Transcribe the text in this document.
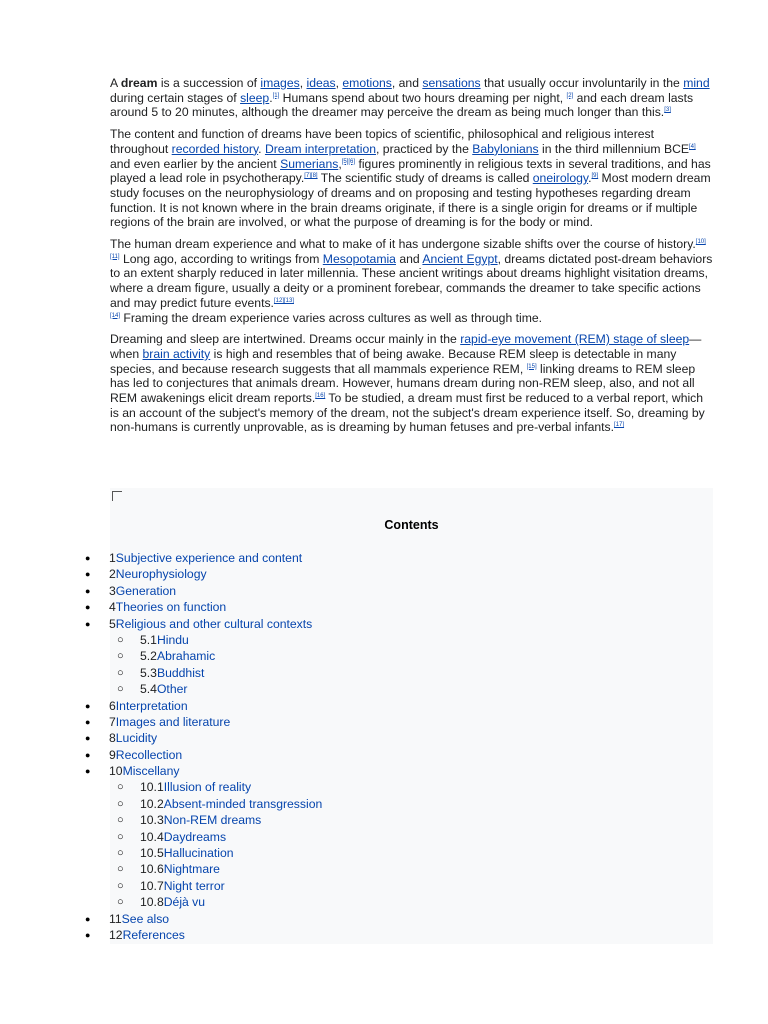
A dream is a succession of images, ideas, emotions, and sensations that usually occur involuntarily in the mind during certain stages of sleep.[1] Humans spend about two hours dreaming per night, [2] and each dream lasts around 5 to 20 minutes, although the dreamer may perceive the dream as being much longer than this.[3]

The content and function of dreams have been topics of scientific, philosophical and religious interest throughout recorded history. Dream interpretation, practiced by the Babylonians in the third millennium BCE[4] and even earlier by the ancient Sumerians,[5][6] figures prominently in religious texts in several traditions, and has played a lead role in psychotherapy.[7][8] The scientific study of dreams is called oneirology.[9] Most modern dream study focuses on the neurophysiology of dreams and on proposing and testing hypotheses regarding dream function. It is not known where in the brain dreams originate, if there is a single origin for dreams or if multiple regions of the brain are involved, or what the purpose of dreaming is for the body or mind.

The human dream experience and what to make of it has undergone sizable shifts over the course of history.[10][11] Long ago, according to writings from Mesopotamia and Ancient Egypt, dreams dictated post-dream behaviors to an extent sharply reduced in later millennia. These ancient writings about dreams highlight visitation dreams, where a dream figure, usually a deity or a prominent forebear, commands the dreamer to take specific actions and may predict future events.[12][13]
[14] Framing the dream experience varies across cultures as well as through time.

Dreaming and sleep are intertwined. Dreams occur mainly in the rapid-eye movement (REM) stage of sleep—when brain activity is high and resembles that of being awake. Because REM sleep is detectable in many species, and because research suggests that all mammals experience REM, [15] linking dreams to REM sleep has led to conjectures that animals dream. However, humans dream during non-REM sleep, also, and not all REM awakenings elicit dream reports.[16] To be studied, a dream must first be reduced to a verbal report, which is an account of the subject's memory of the dream, not the subject's dream experience itself. So, dreaming by non-humans is currently unprovable, as is dreaming by human fetuses and pre-verbal infants.[17]

Contents
●	1Subjective experience and content
●	2Neurophysiology
●	3Generation
●	4Theories on function
●	5Religious and other cultural contexts
○ 5.1Hindu
○ 5.2Abrahamic
○ 5.3Buddhist
○ 5.4Other
●	6Interpretation
●	7Images and literature
●	8Lucidity
●	9Recollection
●	10Miscellany
○ 10.1Illusion of reality
○ 10.2Absent-minded transgression
○ 10.3Non-REM dreams
○ 10.4Daydreams
○ 10.5Hallucination
○ 10.6Nightmare
○ 10.7Night terror
○ 10.8Déjà vu
●	11See also
●	12References
